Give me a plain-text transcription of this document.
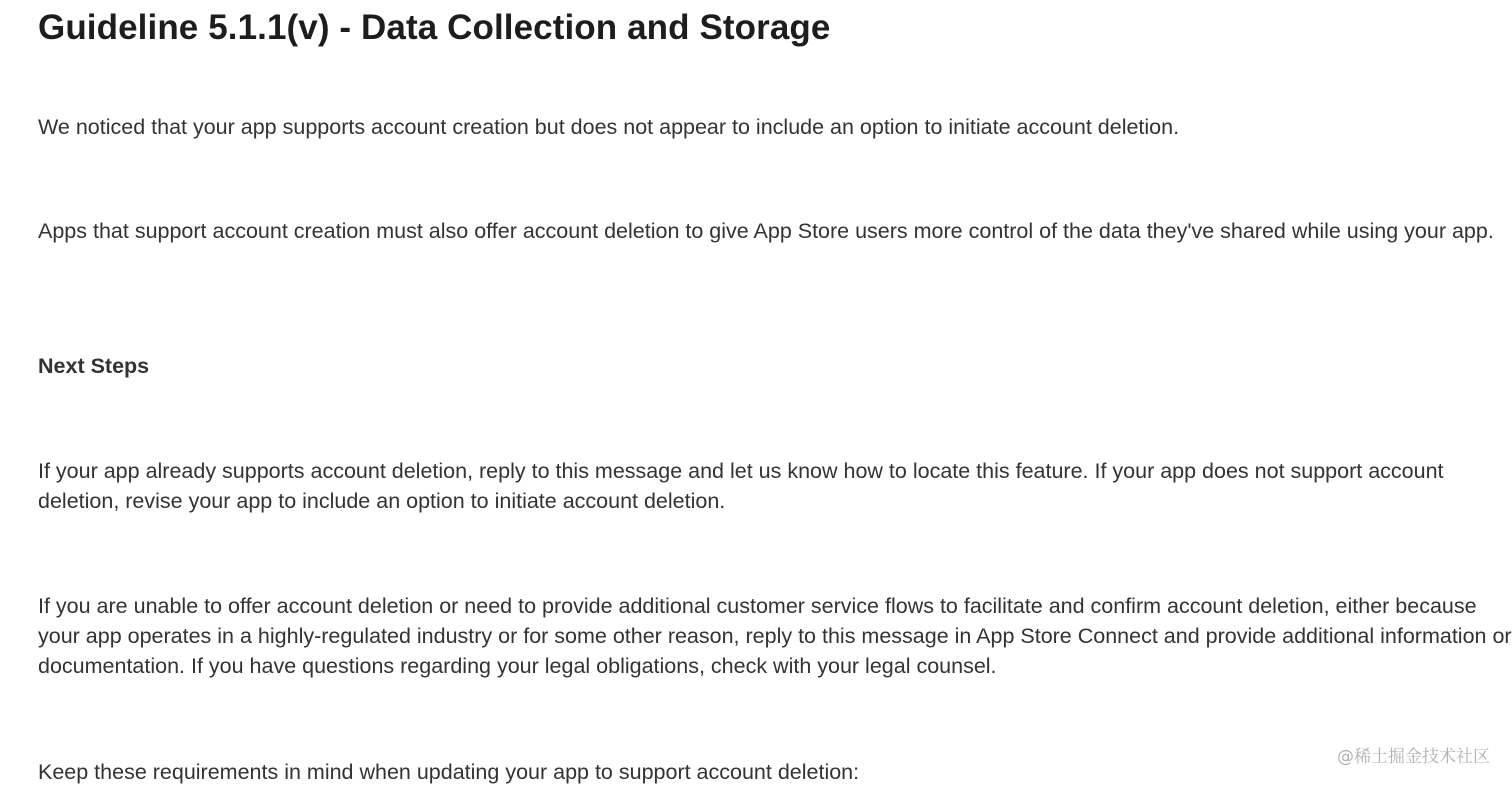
Guideline 5.1.1(v) - Data Collection and Storage

We noticed that your app supports account creation but does not appear to include an option to initiate account deletion.

Apps that support account creation must also offer account deletion to give App Store users more control of the data they've shared while using your app.

Next Steps

If your app already supports account deletion, reply to this message and let us know how to locate this feature. If your app does not support account deletion, revise your app to include an option to initiate account deletion.

If you are unable to offer account deletion or need to provide additional customer service flows to facilitate and confirm account deletion, either because your app operates in a highly-regulated industry or for some other reason, reply to this message in App Store Connect and provide additional information or documentation. If you have questions regarding your legal obligations, check with your legal counsel.

Keep these requirements in mind when updating your app to support account deletion:

@稀土掘金技术社区
